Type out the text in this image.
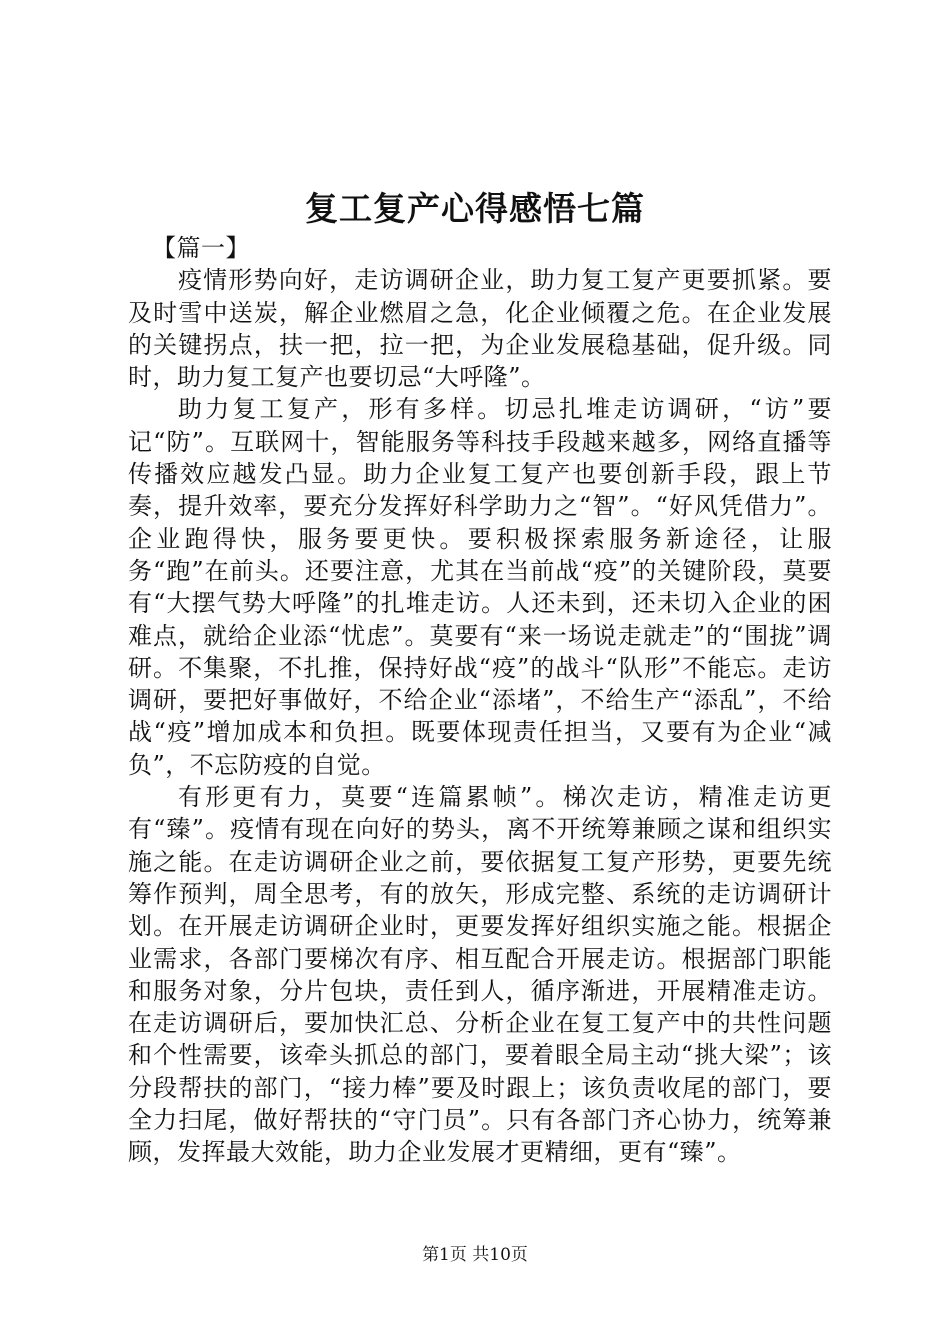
复工复产心得感悟七篇

【篇一】

疫情形势向好，走访调研企业，助力复工复产更要抓紧。要及时雪中送炭，解企业燃眉之急，化企业倾覆之危。在企业发展的关键拐点，扶一把，拉一把，为企业发展稳基础，促升级。同时，助力复工复产也要切忌“大呼隆”。

助力复工复产，形有多样。切忌扎堆走访调研，“访”要记“防”。互联网十，智能服务等科技手段越来越多，网络直播等传播效应越发凸显。助力企业复工复产也要创新手段，跟上节奏，提升效率，要充分发挥好科学助力之“智”。“好风凭借力”。企业跑得快，服务要更快。要积极探索服务新途径，让服务“跑”在前头。还要注意，尤其在当前战“疫”的关键阶段，莫要有“大摆气势大呼隆”的扎堆走访。人还未到，还未切入企业的困难点，就给企业添“忧虑”。莫要有“来一场说走就走”的“围拢”调研。不集聚，不扎推，保持好战“疫”的战斗“队形”不能忘。走访调研，要把好事做好，不给企业“添堵”，不给生产“添乱”，不给战“疫”增加成本和负担。既要体现责任担当，又要有为企业“减负”，不忘防疫的自觉。

有形更有力，莫要“连篇累帧”。梯次走访，精准走访更有“臻”。疫情有现在向好的势头，离不开统筹兼顾之谋和组织实施之能。在走访调研企业之前，要依据复工复产形势，更要先统筹作预判，周全思考，有的放矢，形成完整、系统的走访调研计划。在开展走访调研企业时，更要发挥好组织实施之能。根据企业需求，各部门要梯次有序、相互配合开展走访。根据部门职能和服务对象，分片包块，责任到人，循序渐进，开展精准走访。在走访调研后，要加快汇总、分析企业在复工复产中的共性问题和个性需要，该牵头抓总的部门，要着眼全局主动“挑大梁”；该分段帮扶的部门，“接力棒”要及时跟上；该负责收尾的部门，要全力扫尾，做好帮扶的“守门员”。只有各部门齐心协力，统筹兼顾，发挥最大效能，助力企业发展才更精细，更有“臻”。

第1页 共10页
